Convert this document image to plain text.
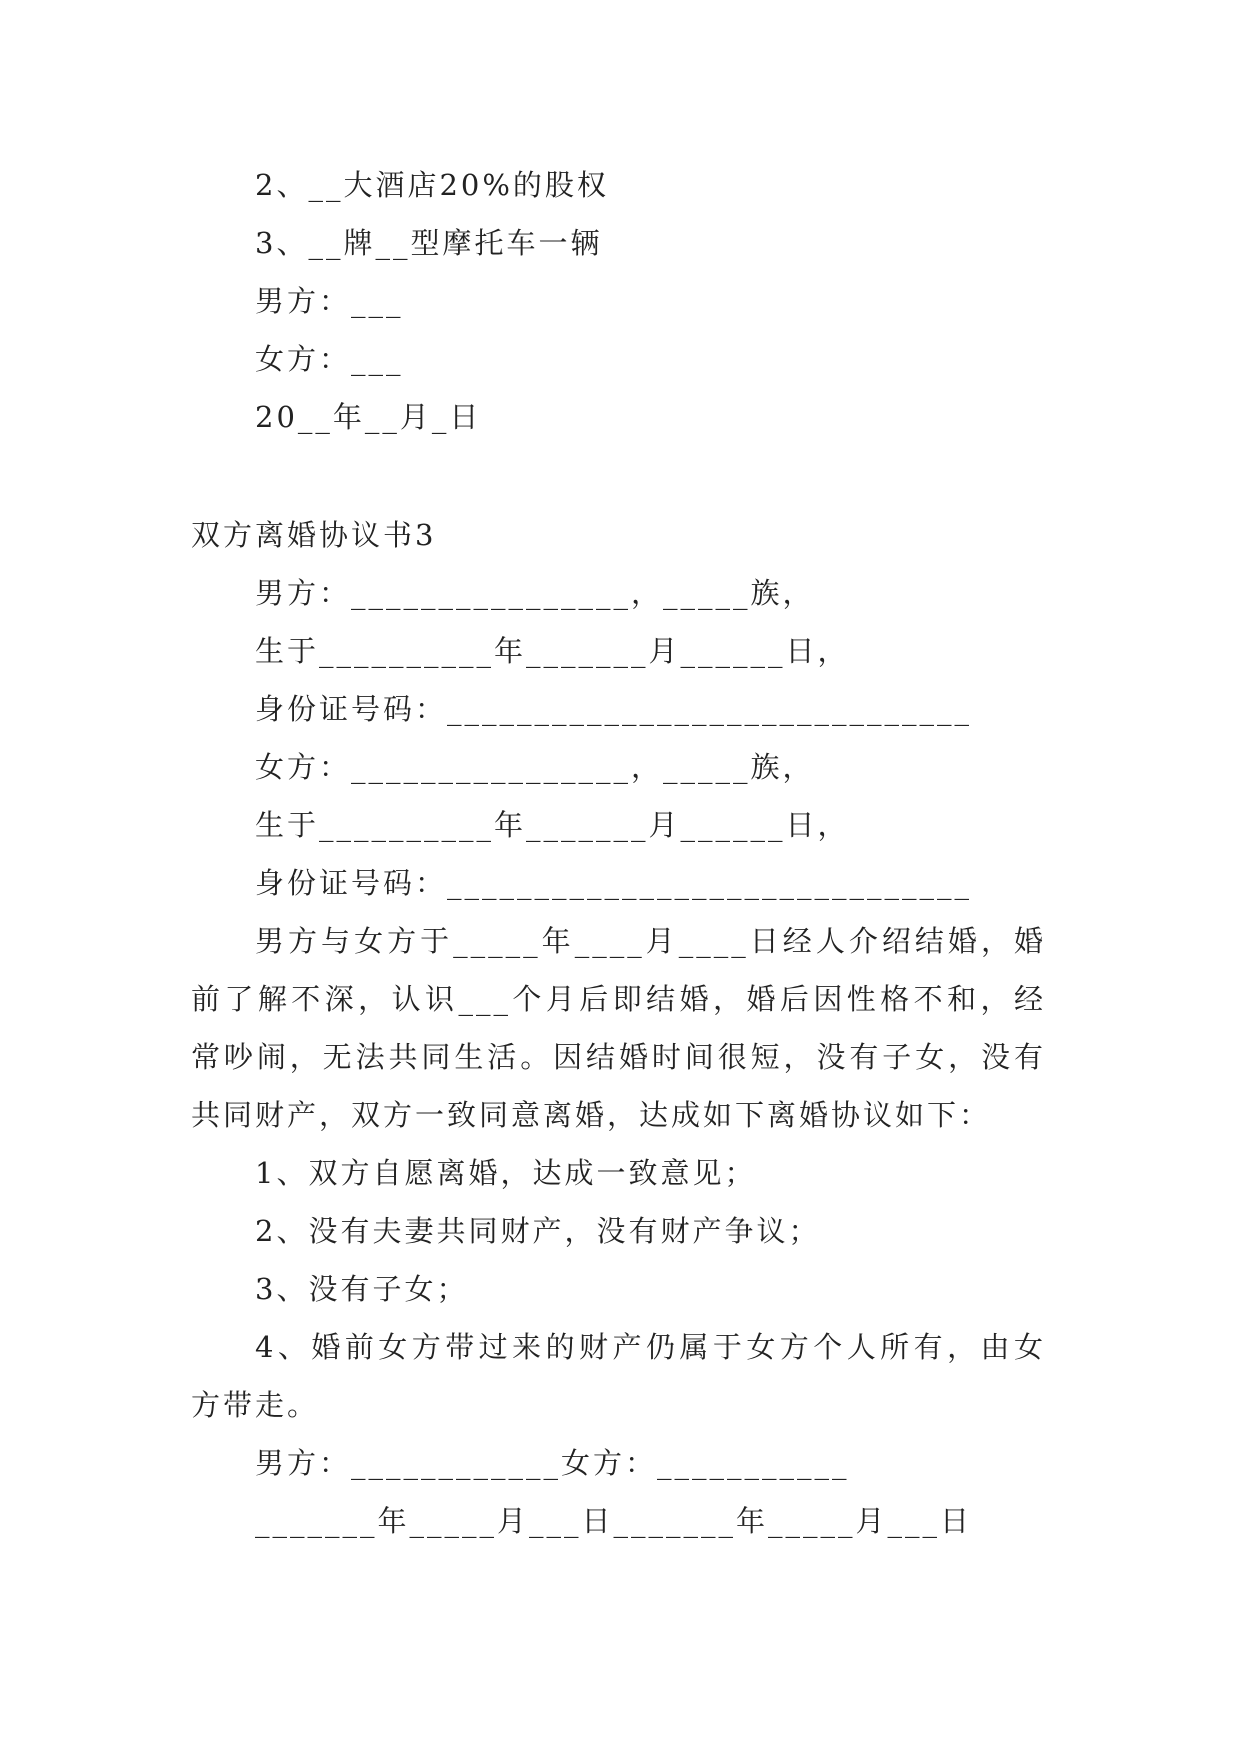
2、__大酒店20%的股权
3、__牌__型摩托车一辆
男方：___
女方：___
20__年__月_日
双方离婚协议书3
男方：________________，_____族，
生于__________年_______月______日，
身份证号码：______________________________
女方：________________，_____族，
生于__________年_______月______日，
身份证号码：______________________________
男方与女方于_____年____月____日经人介绍结婚，婚
前了解不深，认识___个月后即结婚，婚后因性格不和，经
常吵闹，无法共同生活。因结婚时间很短，没有子女，没有
共同财产，双方一致同意离婚，达成如下离婚协议如下：
1、双方自愿离婚，达成一致意见；
2、没有夫妻共同财产，没有财产争议；
3、没有子女；
4、婚前女方带过来的财产仍属于女方个人所有，由女
方带走。
男方：____________女方：___________
_______年_____月___日_______年_____月___日
